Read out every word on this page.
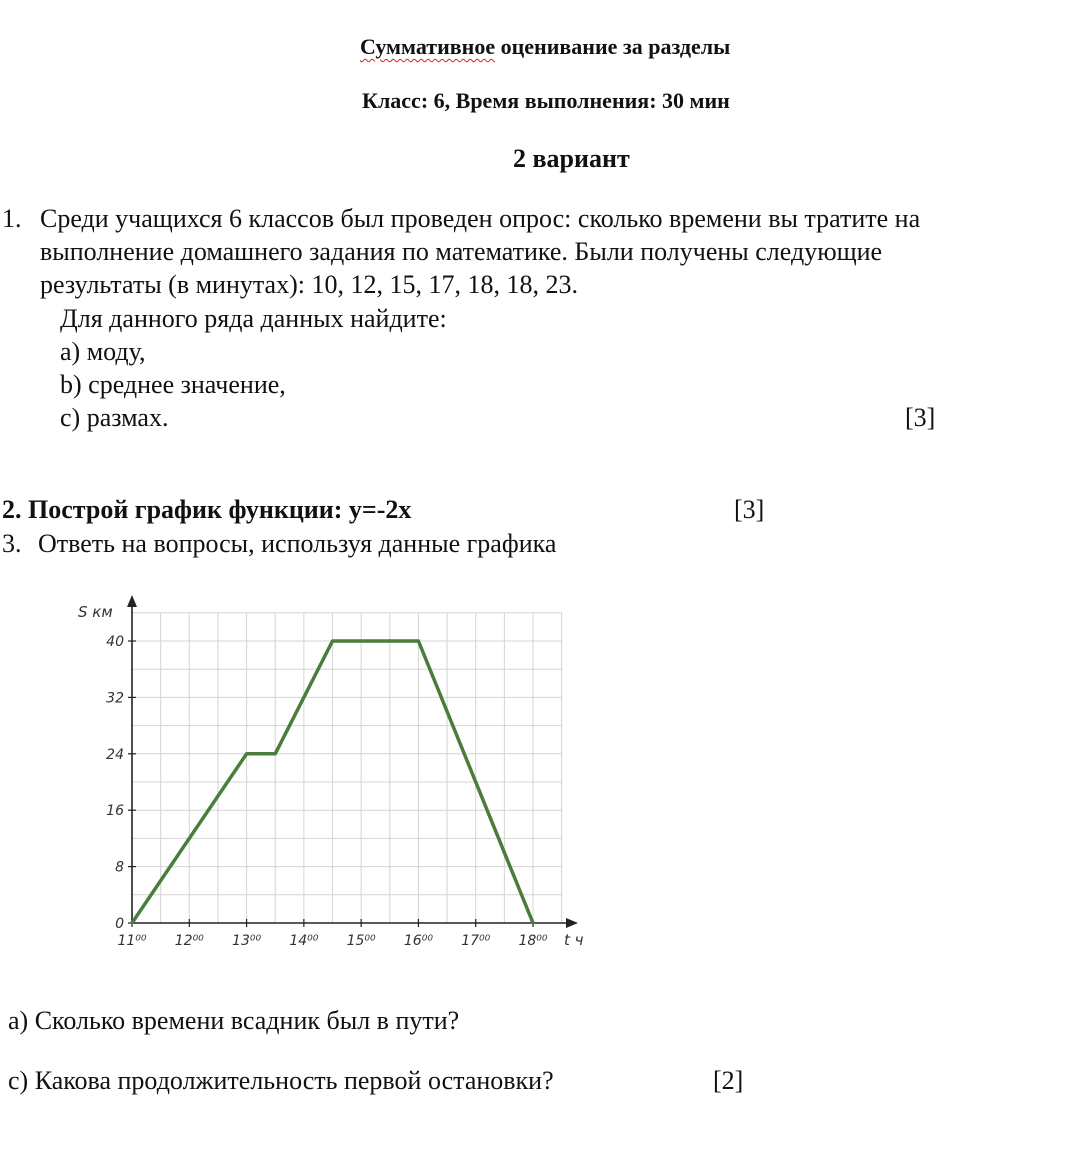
Суммативное оценивание за разделы
Класс: 6, Время выполнения: 30 мин
2 вариант
1. Среди учащихся 6 классов был проведен опрос: сколько времени вы тратите на
выполнение домашнего задания по математике. Были получены следующие
результаты (в минутах): 10, 12, 15, 17, 18, 18, 23.
Для данного ряда данных найдите:
а) моду,
b) среднее значение,
с) размах.	[3]
2. Построй график функции: y=-2x	[3]
3. Ответь на вопросы, используя данные графика
0
8
16
24
32
40
11⁰⁰ 12⁰⁰ 13⁰⁰ 14⁰⁰ 15⁰⁰ 16⁰⁰ 17⁰⁰ 18⁰⁰
S км
t ч
а) Сколько времени всадник был в пути?
с) Какова продолжительность первой остановки?	[2]
